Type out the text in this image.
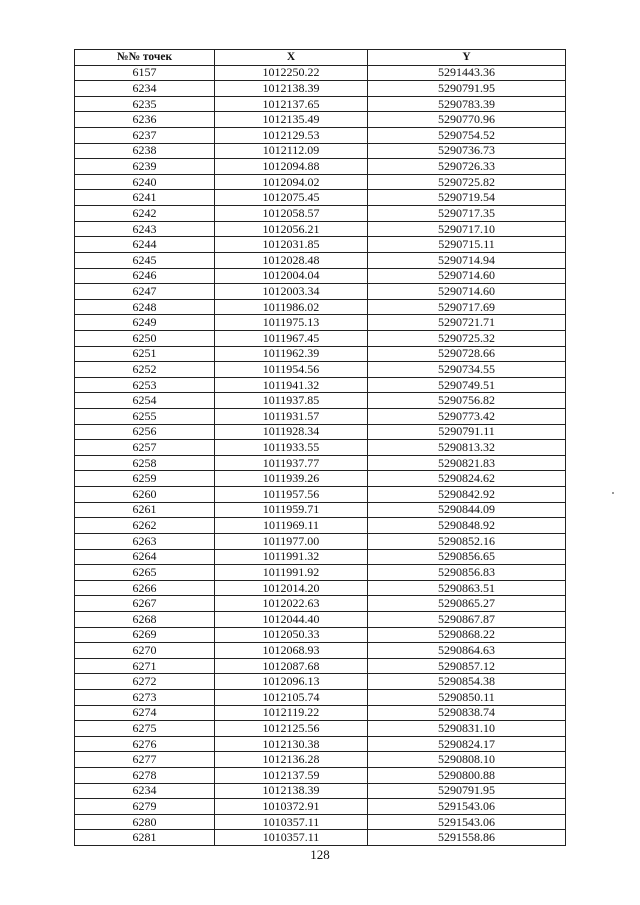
№№ точек	X	Y
6157	1012250.22	5291443.36
6234	1012138.39	5290791.95
6235	1012137.65	5290783.39
6236	1012135.49	5290770.96
6237	1012129.53	5290754.52
6238	1012112.09	5290736.73
6239	1012094.88	5290726.33
6240	1012094.02	5290725.82
6241	1012075.45	5290719.54
6242	1012058.57	5290717.35
6243	1012056.21	5290717.10
6244	1012031.85	5290715.11
6245	1012028.48	5290714.94
6246	1012004.04	5290714.60
6247	1012003.34	5290714.60
6248	1011986.02	5290717.69
6249	1011975.13	5290721.71
6250	1011967.45	5290725.32
6251	1011962.39	5290728.66
6252	1011954.56	5290734.55
6253	1011941.32	5290749.51
6254	1011937.85	5290756.82
6255	1011931.57	5290773.42
6256	1011928.34	5290791.11
6257	1011933.55	5290813.32
6258	1011937.77	5290821.83
6259	1011939.26	5290824.62
6260	1011957.56	5290842.92
6261	1011959.71	5290844.09
6262	1011969.11	5290848.92
6263	1011977.00	5290852.16
6264	1011991.32	5290856.65
6265	1011991.92	5290856.83
6266	1012014.20	5290863.51
6267	1012022.63	5290865.27
6268	1012044.40	5290867.87
6269	1012050.33	5290868.22
6270	1012068.93	5290864.63
6271	1012087.68	5290857.12
6272	1012096.13	5290854.38
6273	1012105.74	5290850.11
6274	1012119.22	5290838.74
6275	1012125.56	5290831.10
6276	1012130.38	5290824.17
6277	1012136.28	5290808.10
6278	1012137.59	5290800.88
6234	1012138.39	5290791.95
6279	1010372.91	5291543.06
6280	1010357.11	5291543.06
6281	1010357.11	5291558.86
128
